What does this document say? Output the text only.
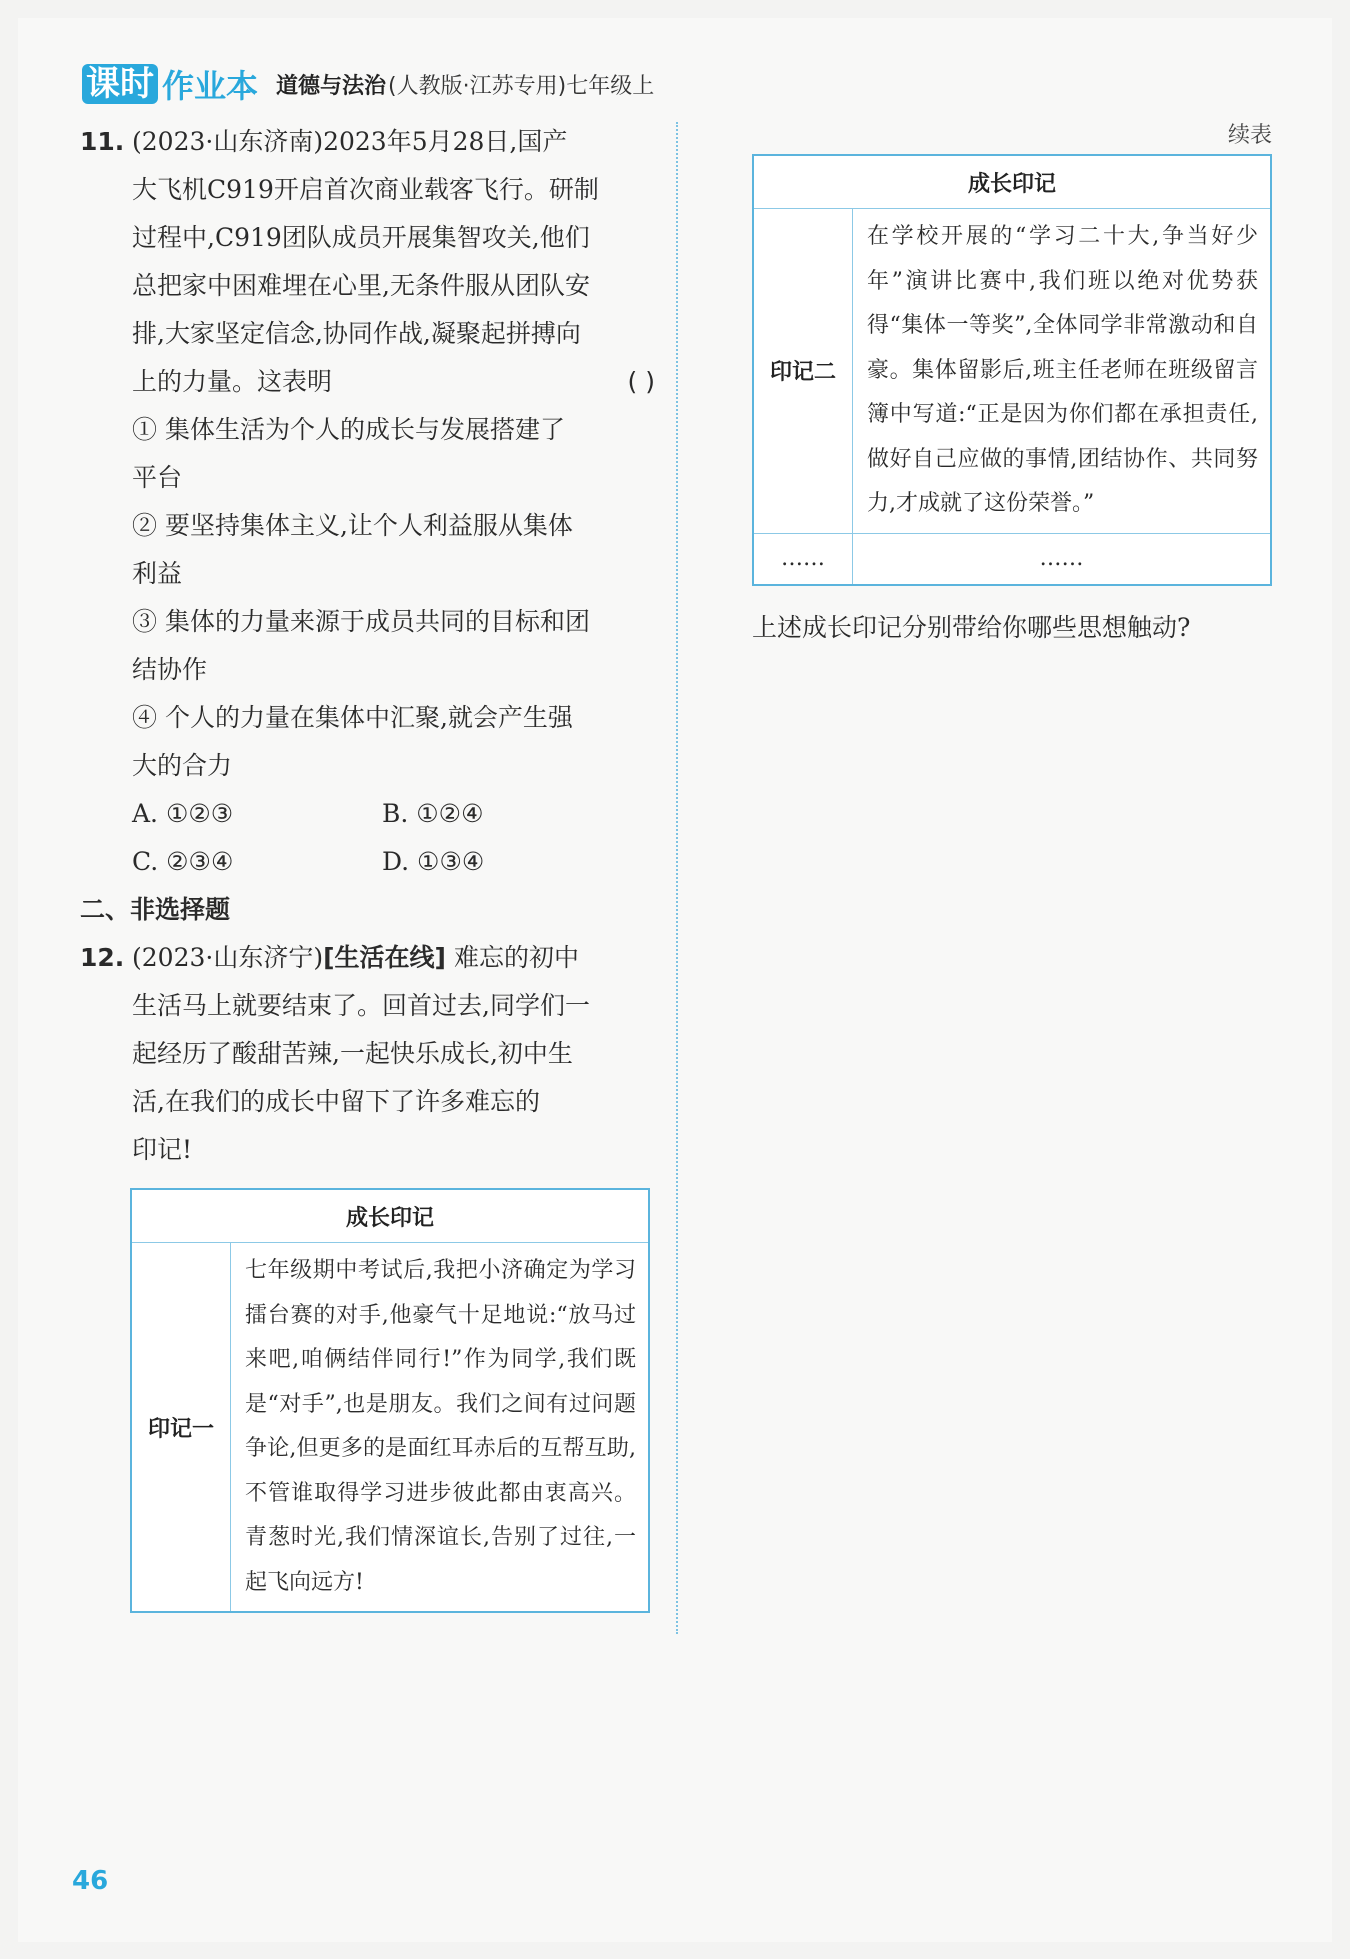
课时 作业本 道德与法治 (人教版·江苏专用)七年级上
11. (2023·山东济南)2023年5月28日,国产
大飞机C919开启首次商业载客飞行。研制
过程中,C919团队成员开展集智攻关,他们
总把家中困难埋在心里,无条件服从团队安
排,大家坚定信念,协同作战,凝聚起拼搏向
上的力量。这表明	( )
① 集体生活为个人的成长与发展搭建了
平台
② 要坚持集体主义,让个人利益服从集体
利益
③ 集体的力量来源于成员共同的目标和团
结协作
④ 个人的力量在集体中汇聚,就会产生强
大的合力
A. ①②③	B. ①②④
C. ②③④	D. ①③④
二、非选择题
12. (2023·山东济宁) [生活在线] 难忘的初中
生活马上就要结束了。回首过去,同学们一
起经历了酸甜苦辣,一起快乐成长,初中生
活,在我们的成长中留下了许多难忘的
印记!
成长印记
印记一	七年级期中考试后,我把小济确定为学习擂台赛的对手,他豪气十足地说:“放马过来吧,咱俩结伴同行!”作为同学,我们既是“对手”,也是朋友。我们之间有过问题争论,但更多的是面红耳赤后的互帮互助,不管谁取得学习进步彼此都由衷高兴。青葱时光,我们情深谊长,告别了过往,一起飞向远方!
续表
成长印记	
印记二	在学校开展的“学习二十大,争当好少年”演讲比赛中,我们班以绝对优势获得“集体一等奖”,全体同学非常激动和自豪。集体留影后,班主任老师在班级留言簿中写道:“正是因为你们都在承担责任,做好自己应做的事情,团结协作、共同努力,才成就了这份荣誉。”
……	……
上述成长印记分别带给你哪些思想触动?
46
